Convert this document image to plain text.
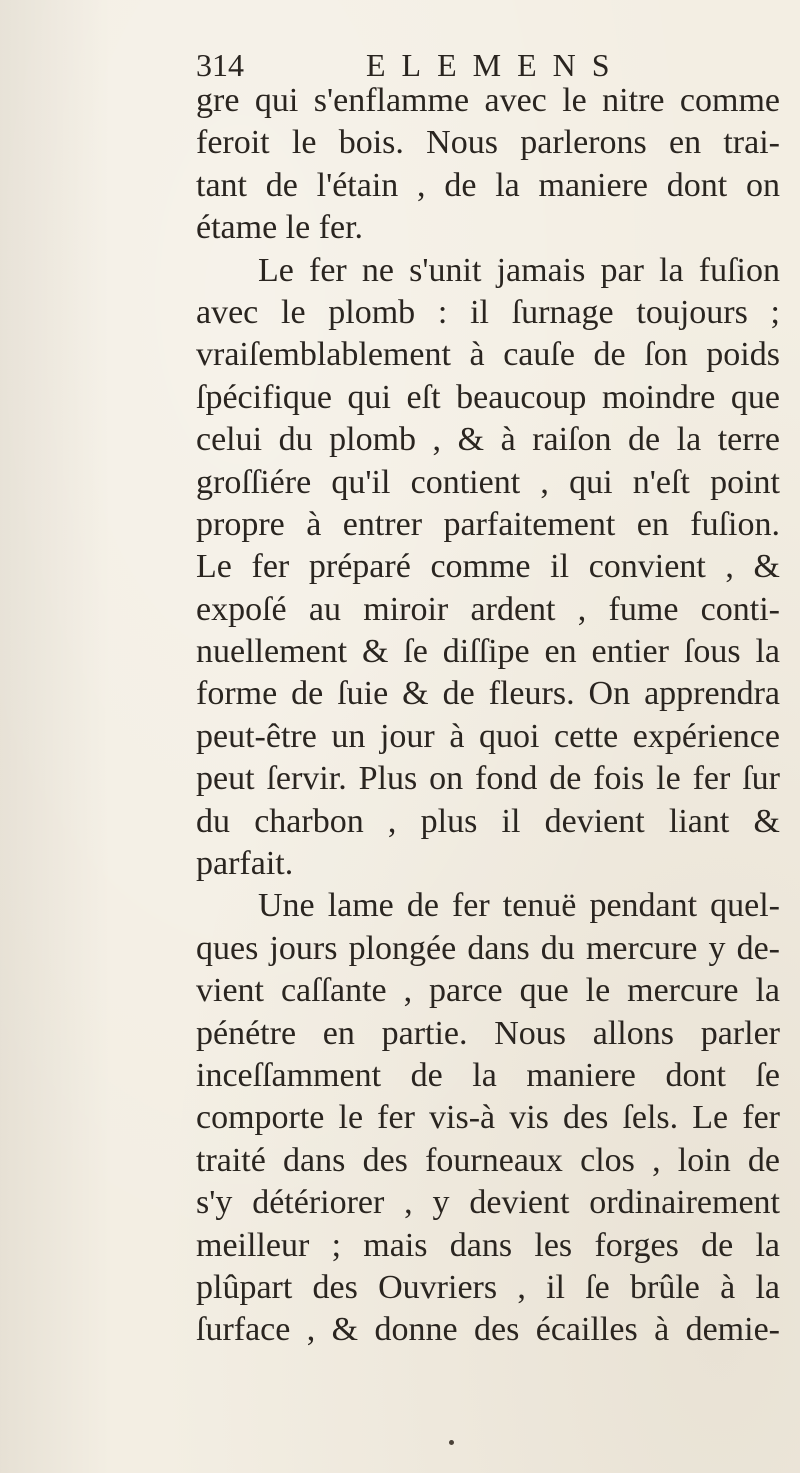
314	ELEMENS
gre qui s'enflamme avec le nitre comme
feroit le bois. Nous parlerons en trai-
tant de l'étain , de la maniere dont on
étame le fer.
Le fer ne s'unit jamais par la fuſion
avec le plomb : il ſurnage toujours ;
vraiſemblablement à cauſe de ſon poids
ſpécifique qui eſt beaucoup moindre que
celui du plomb , & à raiſon de la terre
groſſiére qu'il contient , qui n'eſt point
propre à entrer parfaitement en fuſion.
Le fer préparé comme il convient , &
expoſé au miroir ardent , fume conti-
nuellement & ſe diſſipe en entier ſous la
forme de ſuie & de fleurs. On apprendra
peut-être un jour à quoi cette expérience
peut ſervir. Plus on fond de fois le fer ſur
du charbon , plus il devient liant &
parfait.
Une lame de fer tenuë pendant quel-
ques jours plongée dans du mercure y de-
vient caſſante , parce que le mercure la
pénétre en partie. Nous allons parler
inceſſamment de la maniere dont ſe
comporte le fer vis-à vis des ſels. Le fer
traité dans des fourneaux clos , loin de
s'y détériorer , y devient ordinairement
meilleur ; mais dans les forges de la
plûpart des Ouvriers , il ſe brûle à la
ſurface , & donne des écailles à demie-
